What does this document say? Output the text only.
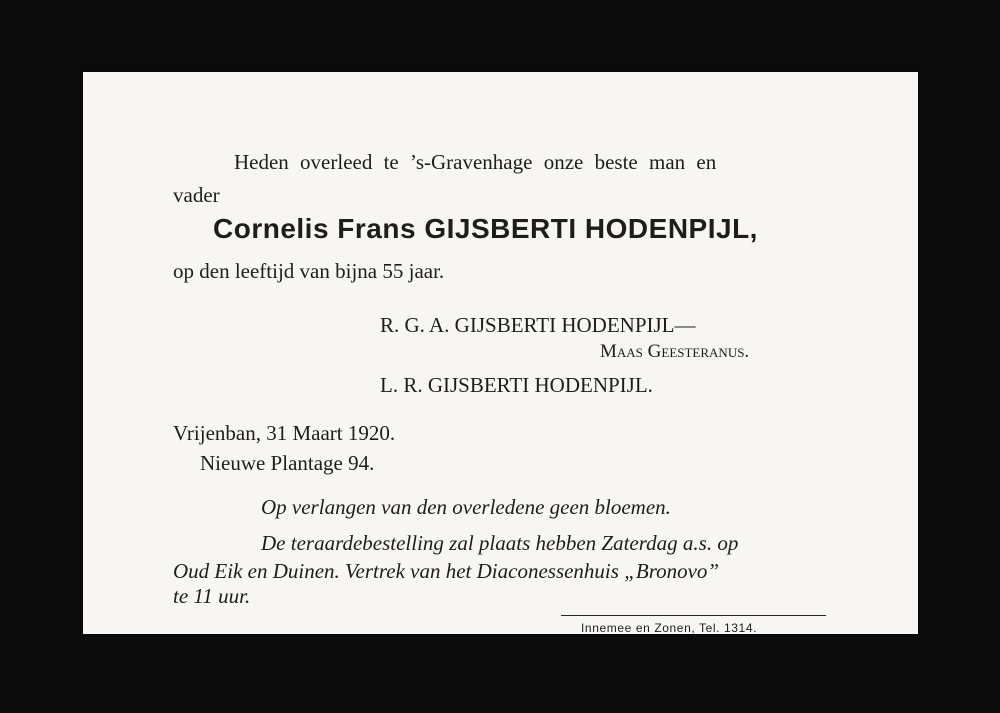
Heden overleed te ’s-Gravenhage onze beste man en
vader
Cornelis Frans GIJSBERTI HODENPIJL,
op den leeftijd van bijna 55 jaar.
R. G. A. GIJSBERTI HODENPIJL—
Maas Geesteranus.
L. R. GIJSBERTI HODENPIJL.
Vrijenban, 31 Maart 1920.
Nieuwe Plantage 94.
Op verlangen van den overledene geen bloemen.
De teraardebestelling zal plaats hebben Zaterdag a.s. op
Oud Eik en Duinen. Vertrek van het Diaconessenhuis „Bronovo”
te 11 uur.
Innemee en Zonen, Tel. 1314.
